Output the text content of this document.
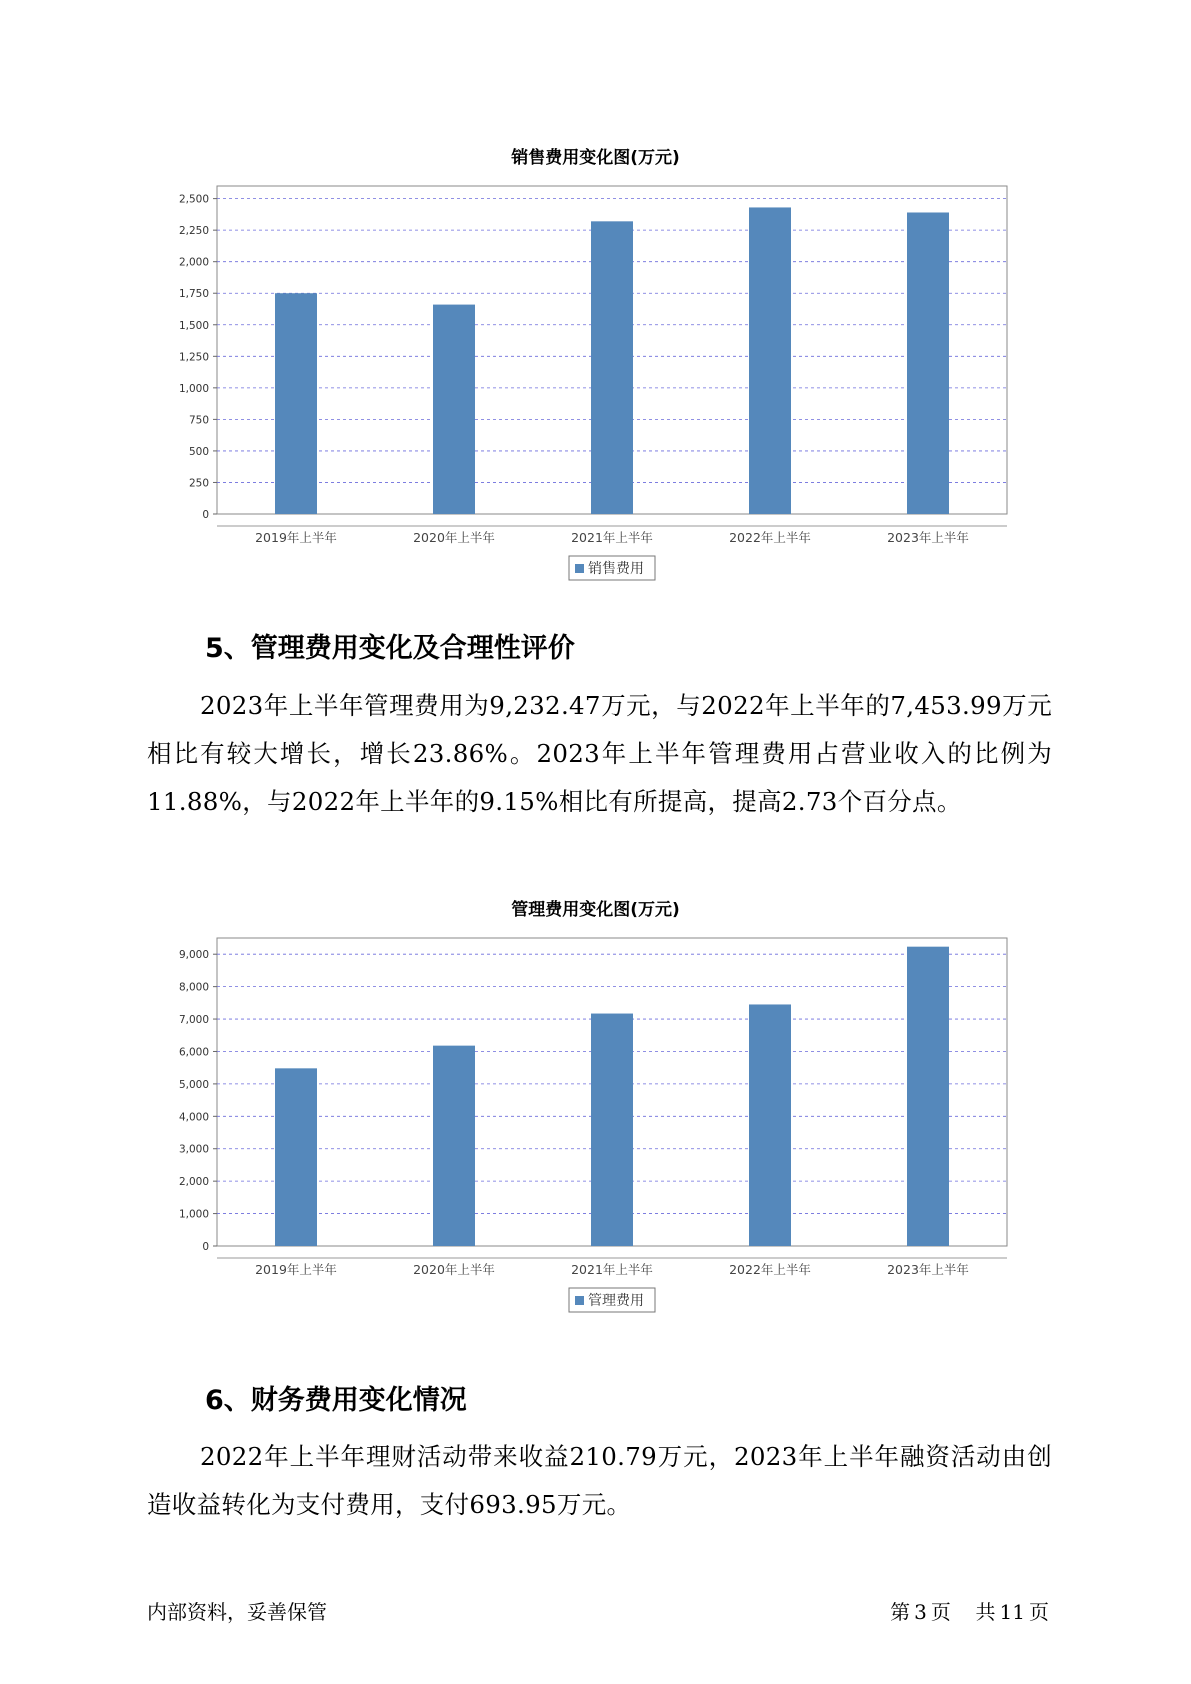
销售费用变化图(万元)
0
250
500
750
1,000
1,250
1,500
1,750
2,000
2,250
2,500
2019年上半年	2020年上半年	2021年上半年	2022年上半年	2023年上半年
销售费用
5、管理费用变化及合理性评价
2023年上半年管理费用为9,232.47万元，与2022年上半年的7,453.99万元相比有较大增长，增长23.86%。2023年上半年管理费用占营业收入的比例为11.88%，与2022年上半年的9.15%相比有所提高，提高2.73个百分点。
管理费用变化图(万元)
0
1,000
2,000
3,000
4,000
5,000
6,000
7,000
8,000
9,000
2019年上半年	2020年上半年	2021年上半年	2022年上半年	2023年上半年
管理费用
6、财务费用变化情况
2022年上半年理财活动带来收益210.79万元，2023年上半年融资活动由创造收益转化为支付费用，支付693.95万元。
内部资料，妥善保管	第 3 页 共 11 页
